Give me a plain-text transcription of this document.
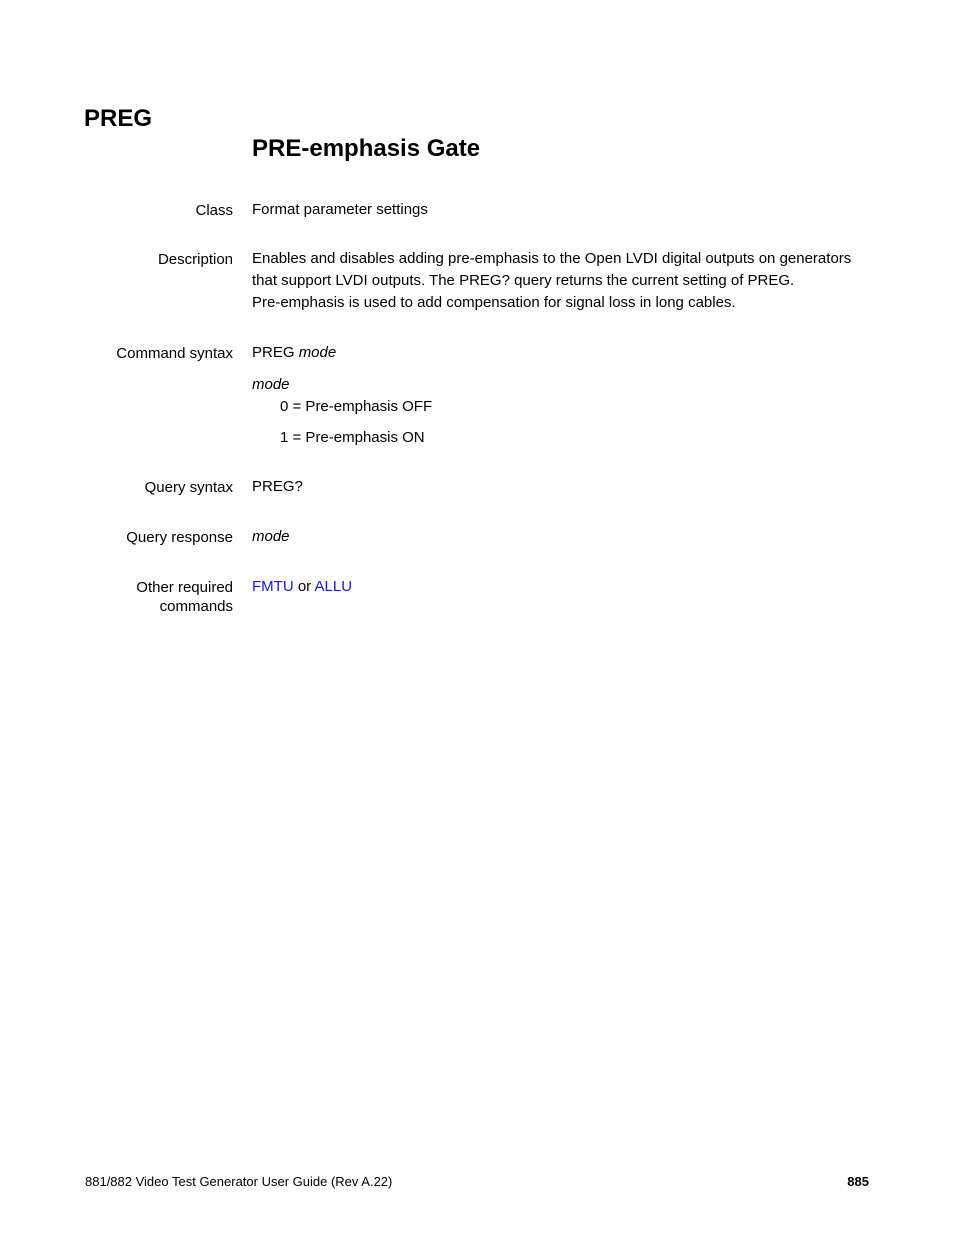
PREG
PRE-emphasis Gate
Class Format parameter settings
Description Enables and disables adding pre-emphasis to the Open LVDI digital outputs on generators

that support LVDI outputs. The PREG? query returns the current setting of PREG.

Pre-emphasis is used to add compensation for signal loss in long cables.

Command syntax PREG mode
mode
0 = Pre-emphasis OFF
1 = Pre-emphasis ON
Query syntax PREG?
Query response mode
Other required
commands
FMTU or ALLU
881/882 Video Test Generator User Guide (Rev A.22)	885
